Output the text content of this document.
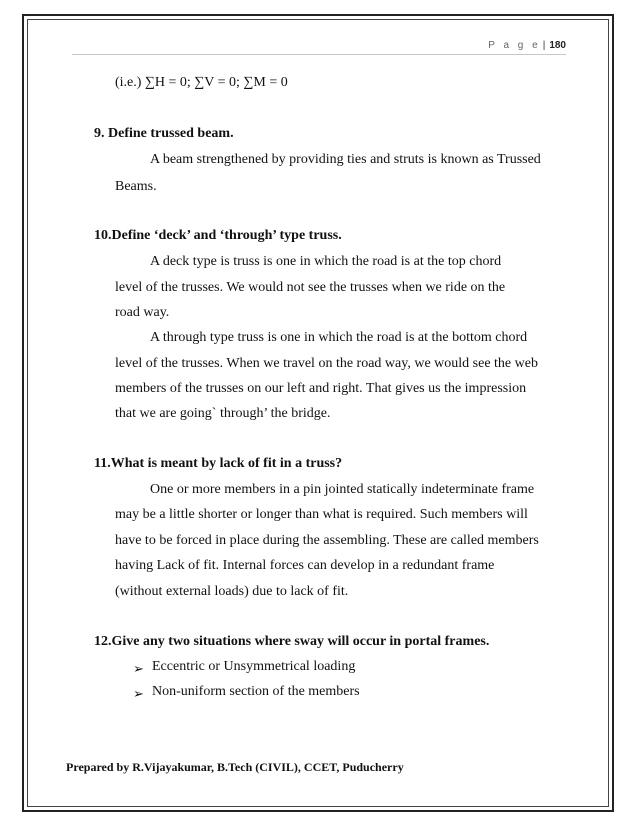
P a g e | 180
(i.e.) ∑H = 0; ∑V = 0; ∑M = 0
9. Define trussed beam.
A beam strengthened by providing ties and struts is known as Trussed
Beams.
10.Define ‘deck’ and ‘through’ type truss.
A deck type is truss is one in which the road is at the top chord
level of the trusses. We would not see the trusses when we ride on the
road way.
A through type truss is one in which the road is at the bottom chord
level of the trusses. When we travel on the road way, we would see the web
members of the trusses on our left and right. That gives us the impression
that we are going` through’ the bridge.
11.What is meant by lack of fit in a truss?
One or more members in a pin jointed statically indeterminate frame
may be a little shorter or longer than what is required. Such members will
have to be forced in place during the assembling. These are called members
having Lack of fit. Internal forces can develop in a redundant frame
(without external loads) due to lack of fit.
12.Give any two situations where sway will occur in portal frames.
➢ Eccentric or Unsymmetrical loading
➢ Non-uniform section of the members
Prepared by R.Vijayakumar, B.Tech (CIVIL), CCET, Puducherry
